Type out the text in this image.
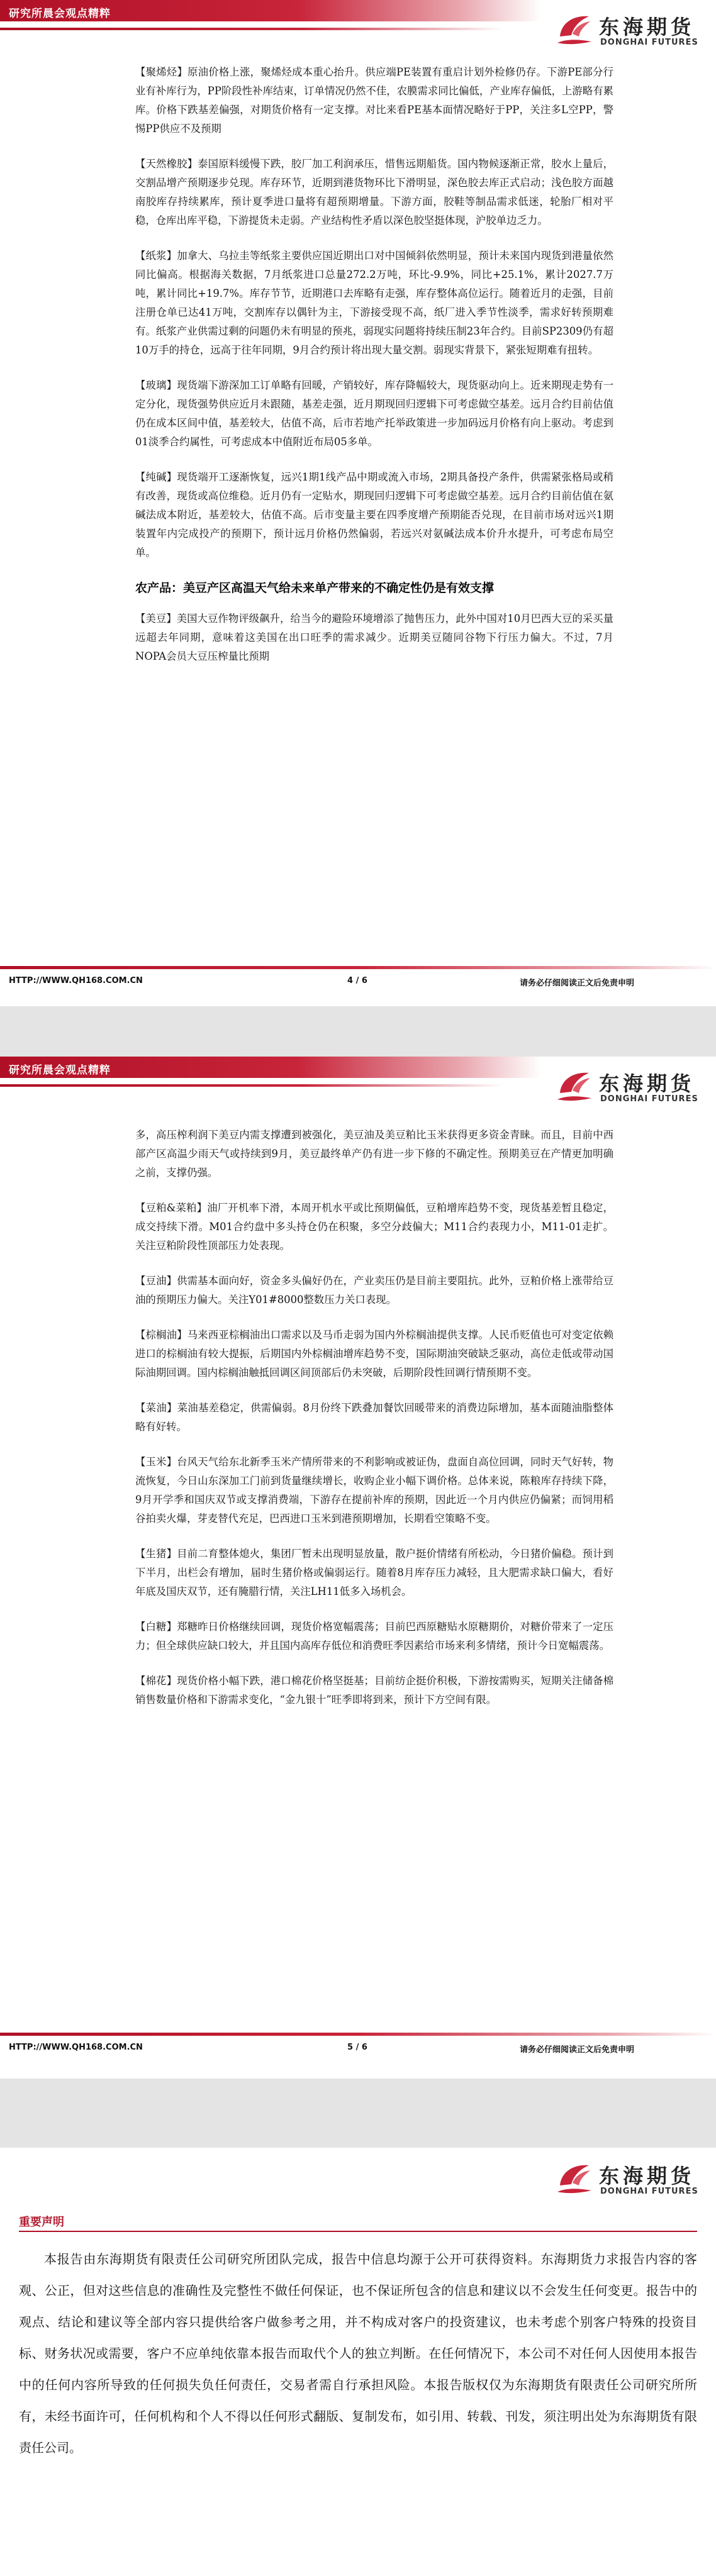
研究所晨会观点精粹
东海期货
DONGHAI FUTURES

【聚烯烃】原油价格上涨，聚烯烃成本重心抬升。供应端PE装置有重启计划外检修仍存。下游PE部分行业有补库行为，PP阶段性补库结束，订单情况仍然不佳，农膜需求同比偏低，产业库存偏低，上游略有累库。价格下跌基差偏强，对期货价格有一定支撑。对比来看PE基本面情况略好于PP，关注多L空PP，警惕PP供应不及预期

【天然橡胶】泰国原料缓慢下跌，胶厂加工利润承压，惜售远期船货。国内物候逐渐正常，胶水上量后，交割品增产预期逐步兑现。库存环节，近期到港货物环比下滑明显，深色胶去库正式启动；浅色胶方面越南胶库存持续累库，预计夏季进口量将有超预期增量。下游方面，胶鞋等制品需求低迷，轮胎厂相对平稳，仓库出库平稳，下游提货未走弱。产业结构性矛盾以深色胶坚挺体现，沪胶单边乏力。

【纸浆】加拿大、乌拉圭等纸浆主要供应国近期出口对中国倾斜依然明显，预计未来国内现货到港量依然同比偏高。根据海关数据，7月纸浆进口总量272.2万吨，环比-9.9%，同比+25.1%，累计2027.7万吨，累计同比+19.7%。库存节节，近期港口去库略有走强，库存整体高位运行。随着近月的走强，目前注册仓单已达41万吨，交割库存以偶针为主，下游接受现不高，纸厂进入季节性淡季，需求好转预期难有。纸浆产业供需过剩的问题仍未有明显的预兆，弱现实问题将持续压制23年合约。目前SP2309仍有超10万手的持仓，远高于往年同期，9月合约预计将出现大量交割。弱现实背景下，紧张短期难有扭转。

【玻璃】现货端下游深加工订单略有回暖，产销较好，库存降幅较大，现货驱动向上。近来期现走势有一定分化，现货强势供应近月未跟随，基差走强，近月期现回归逻辑下可考虑做空基差。远月合约目前估值仍在成本区间中值，基差较大，估值不高，后市若地产托举政策进一步加码远月价格有向上驱动。考虑到01淡季合约属性，可考虑成本中值附近布局05多单。

【纯碱】现货端开工逐渐恢复，远兴1期1线产品中期或流入市场，2期具备投产条件，供需紧张格局或稍有改善，现货或高位维稳。近月仍有一定贴水，期现回归逻辑下可考虑做空基差。远月合约目前估值在氨碱法成本附近，基差较大，估值不高。后市变量主要在四季度增产预期能否兑现，在目前市场对远兴1期装置年内完成投产的预期下，预计远月价格仍然偏弱，若远兴对氨碱法成本价升水提升，可考虑布局空单。

农产品：美豆产区高温天气给未来单产带来的不确定性仍是有效支撑

【美豆】美国大豆作物评级飙升，给当今的避险环境增添了抛售压力，此外中国对10月巴西大豆的采买量远超去年同期，意味着这美国在出口旺季的需求减少。近期美豆随同谷物下行压力偏大。不过，7月NOPA会员大豆压榨量比预期

HTTP://WWW.QH168.COM.CN	4 / 6	请务必仔细阅读正文后免责申明
研究所晨会观点精粹
东海期货
DONGHAI FUTURES

多，高压榨利润下美豆内需支撑遭到被强化，美豆油及美豆粕比玉米获得更多资金青睐。而且，目前中西部产区高温少雨天气或持续到9月，美豆最终单产仍有进一步下修的不确定性。预期美豆在产情更加明确之前，支撑仍强。

【豆粕&菜粕】油厂开机率下滑，本周开机水平或比预期偏低，豆粕增库趋势不变，现货基差暂且稳定，成交持续下滑。M01合约盘中多头持仓仍在积聚，多空分歧偏大；M11合约表现力小，M11-01走扩。关注豆粕阶段性顶部压力处表现。

【豆油】供需基本面向好，资金多头偏好仍在，产业卖压仍是目前主要阻抗。此外，豆粕价格上涨带给豆油的预期压力偏大。关注Y01#8000整数压力关口表现。

【棕榈油】马来西亚棕榈油出口需求以及马币走弱为国内外棕榈油提供支撑。人民币贬值也可对变定依赖进口的棕榈油有较大提振，后期国内外棕榈油增库趋势不变，国际期油突破缺乏驱动，高位走低或带动国际油期回调。国内棕榈油触抵回调区间顶部后仍未突破，后期阶段性回调行情预期不变。

【菜油】菜油基差稳定，供需偏弱。8月份终下跌叠加餐饮回暖带来的消费边际增加，基本面随油脂整体略有好转。

【玉米】台风天气给东北新季玉米产情所带来的不利影响或被证伪，盘面自高位回调，同时天气好转，物流恢复，今日山东深加工门前到货量继续增长，收购企业小幅下调价格。总体来说，陈粮库存持续下降，9月开学季和国庆双节或支撑消费端，下游存在提前补库的预期，因此近一个月内供应仍偏紧；而饲用稻谷拍卖火爆，芽麦替代充足，巴西进口玉米到港预期增加，长期看空策略不变。

【生猪】目前二育整体熄火，集团厂暂未出现明显放量，散户挺价情绪有所松动，今日猪价偏稳。预计到下半月，出栏会有增加，届时生猪价格或偏弱运行。随着8月库存压力减轻，且大肥需求缺口偏大，看好年底及国庆双节，还有腌腊行情，关注LH11低多入场机会。

【白糖】郑糖昨日价格继续回调，现货价格宽幅震荡；目前巴西原糖贴水原糖期价，对糖价带来了一定压力；但全球供应缺口较大，并且国内高库存低位和消费旺季因素给市场来利多情绪，预计今日宽幅震荡。

【棉花】现货价格小幅下跌，港口棉花价格坚挺基；目前纺企挺价积极，下游按需购买，短期关注储备棉销售数量价格和下游需求变化，“金九银十”旺季即将到来，预计下方空间有限。

HTTP://WWW.QH168.COM.CN	5 / 6	请务必仔细阅读正文后免责申明
东海期货
DONGHAI FUTURES
重要声明

本报告由东海期货有限责任公司研究所团队完成，报告中信息均源于公开可获得资料。东海期货力求报告内容的客观、公正，但对这些信息的准确性及完整性不做任何保证，也不保证所包含的信息和建议以不会发生任何变更。报告中的观点、结论和建议等全部内容只提供给客户做参考之用，并不构成对客户的投资建议，也未考虑个别客户特殊的投资目标、财务状况或需要，客户不应单纯依靠本报告而取代个人的独立判断。在任何情况下，本公司不对任何人因使用本报告中的任何内容所导致的任何损失负任何责任，交易者需自行承担风险。本报告版权仅为东海期货有限责任公司研究所所有，未经书面许可，任何机构和个人不得以任何形式翻版、复制发布，如引用、转载、刊发，须注明出处为东海期货有限责任公司。
